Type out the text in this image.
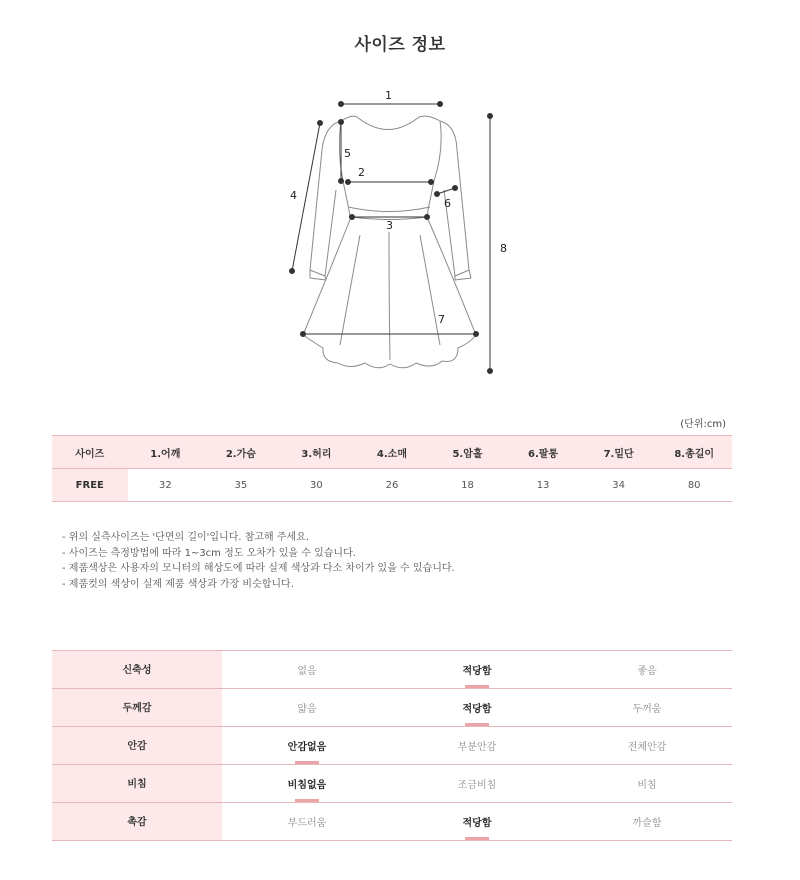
사이즈 정보
1
2
3
4
5
6
7
8
(단위:cm)
사이즈	1.어깨	2.가슴	3.허리	4.소매	5.암홀	6.팔통	7.밑단	8.총길이
FREE	32	35	30	26	18	13	34	80
- 위의 실측사이즈는 '단면의 길이'입니다. 참고해 주세요.
- 사이즈는 측정방법에 따라 1~3cm 정도 오차가 있을 수 있습니다.
- 제품색상은 사용자의 모니터의 해상도에 따라 실제 색상과 다소 차이가 있을 수 있습니다.
- 제품컷의 색상이 실제 제품 색상과 가장 비슷합니다.
신축성	없음	적당함	좋음
두께감	얇음	적당함	두꺼움
안감	안감없음	부분안감	전체안감
비침	비침없음	조금비침	비침
촉감	부드러움	적당함	까슬함
